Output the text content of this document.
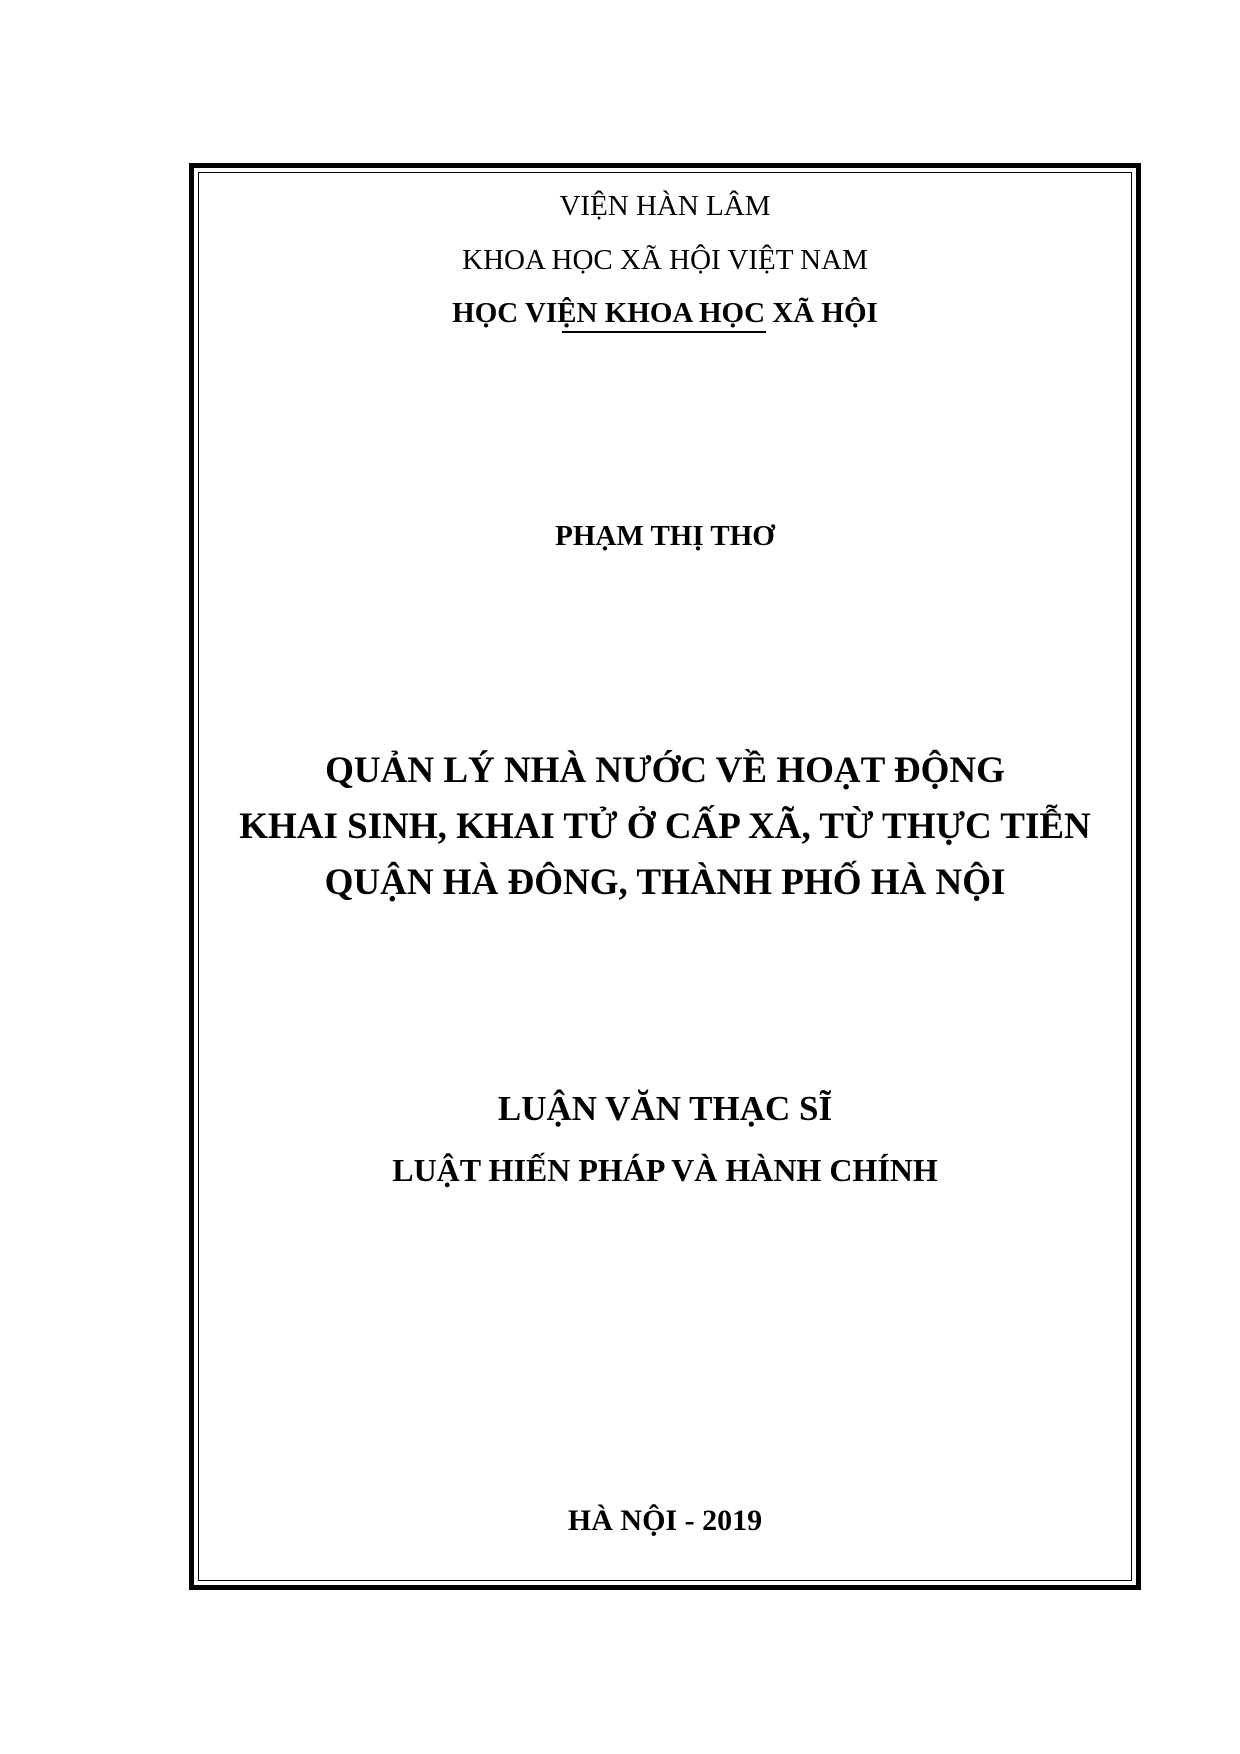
VIỆN HÀN LÂM
KHOA HỌC XÃ HỘI VIỆT NAM
HỌC VIỆN KHOA HỌC XÃ HỘI
PHẠM THỊ THƠ
QUẢN LÝ NHÀ NƯỚC VỀ HOẠT ĐỘNG
KHAI SINH, KHAI TỬ Ở CẤP XÃ, TỪ THỰC TIỄN
QUẬN HÀ ĐÔNG, THÀNH PHỐ HÀ NỘI
LUẬN VĂN THẠC SĨ
LUẬT HIẾN PHÁP VÀ HÀNH CHÍNH
HÀ NỘI - 2019
